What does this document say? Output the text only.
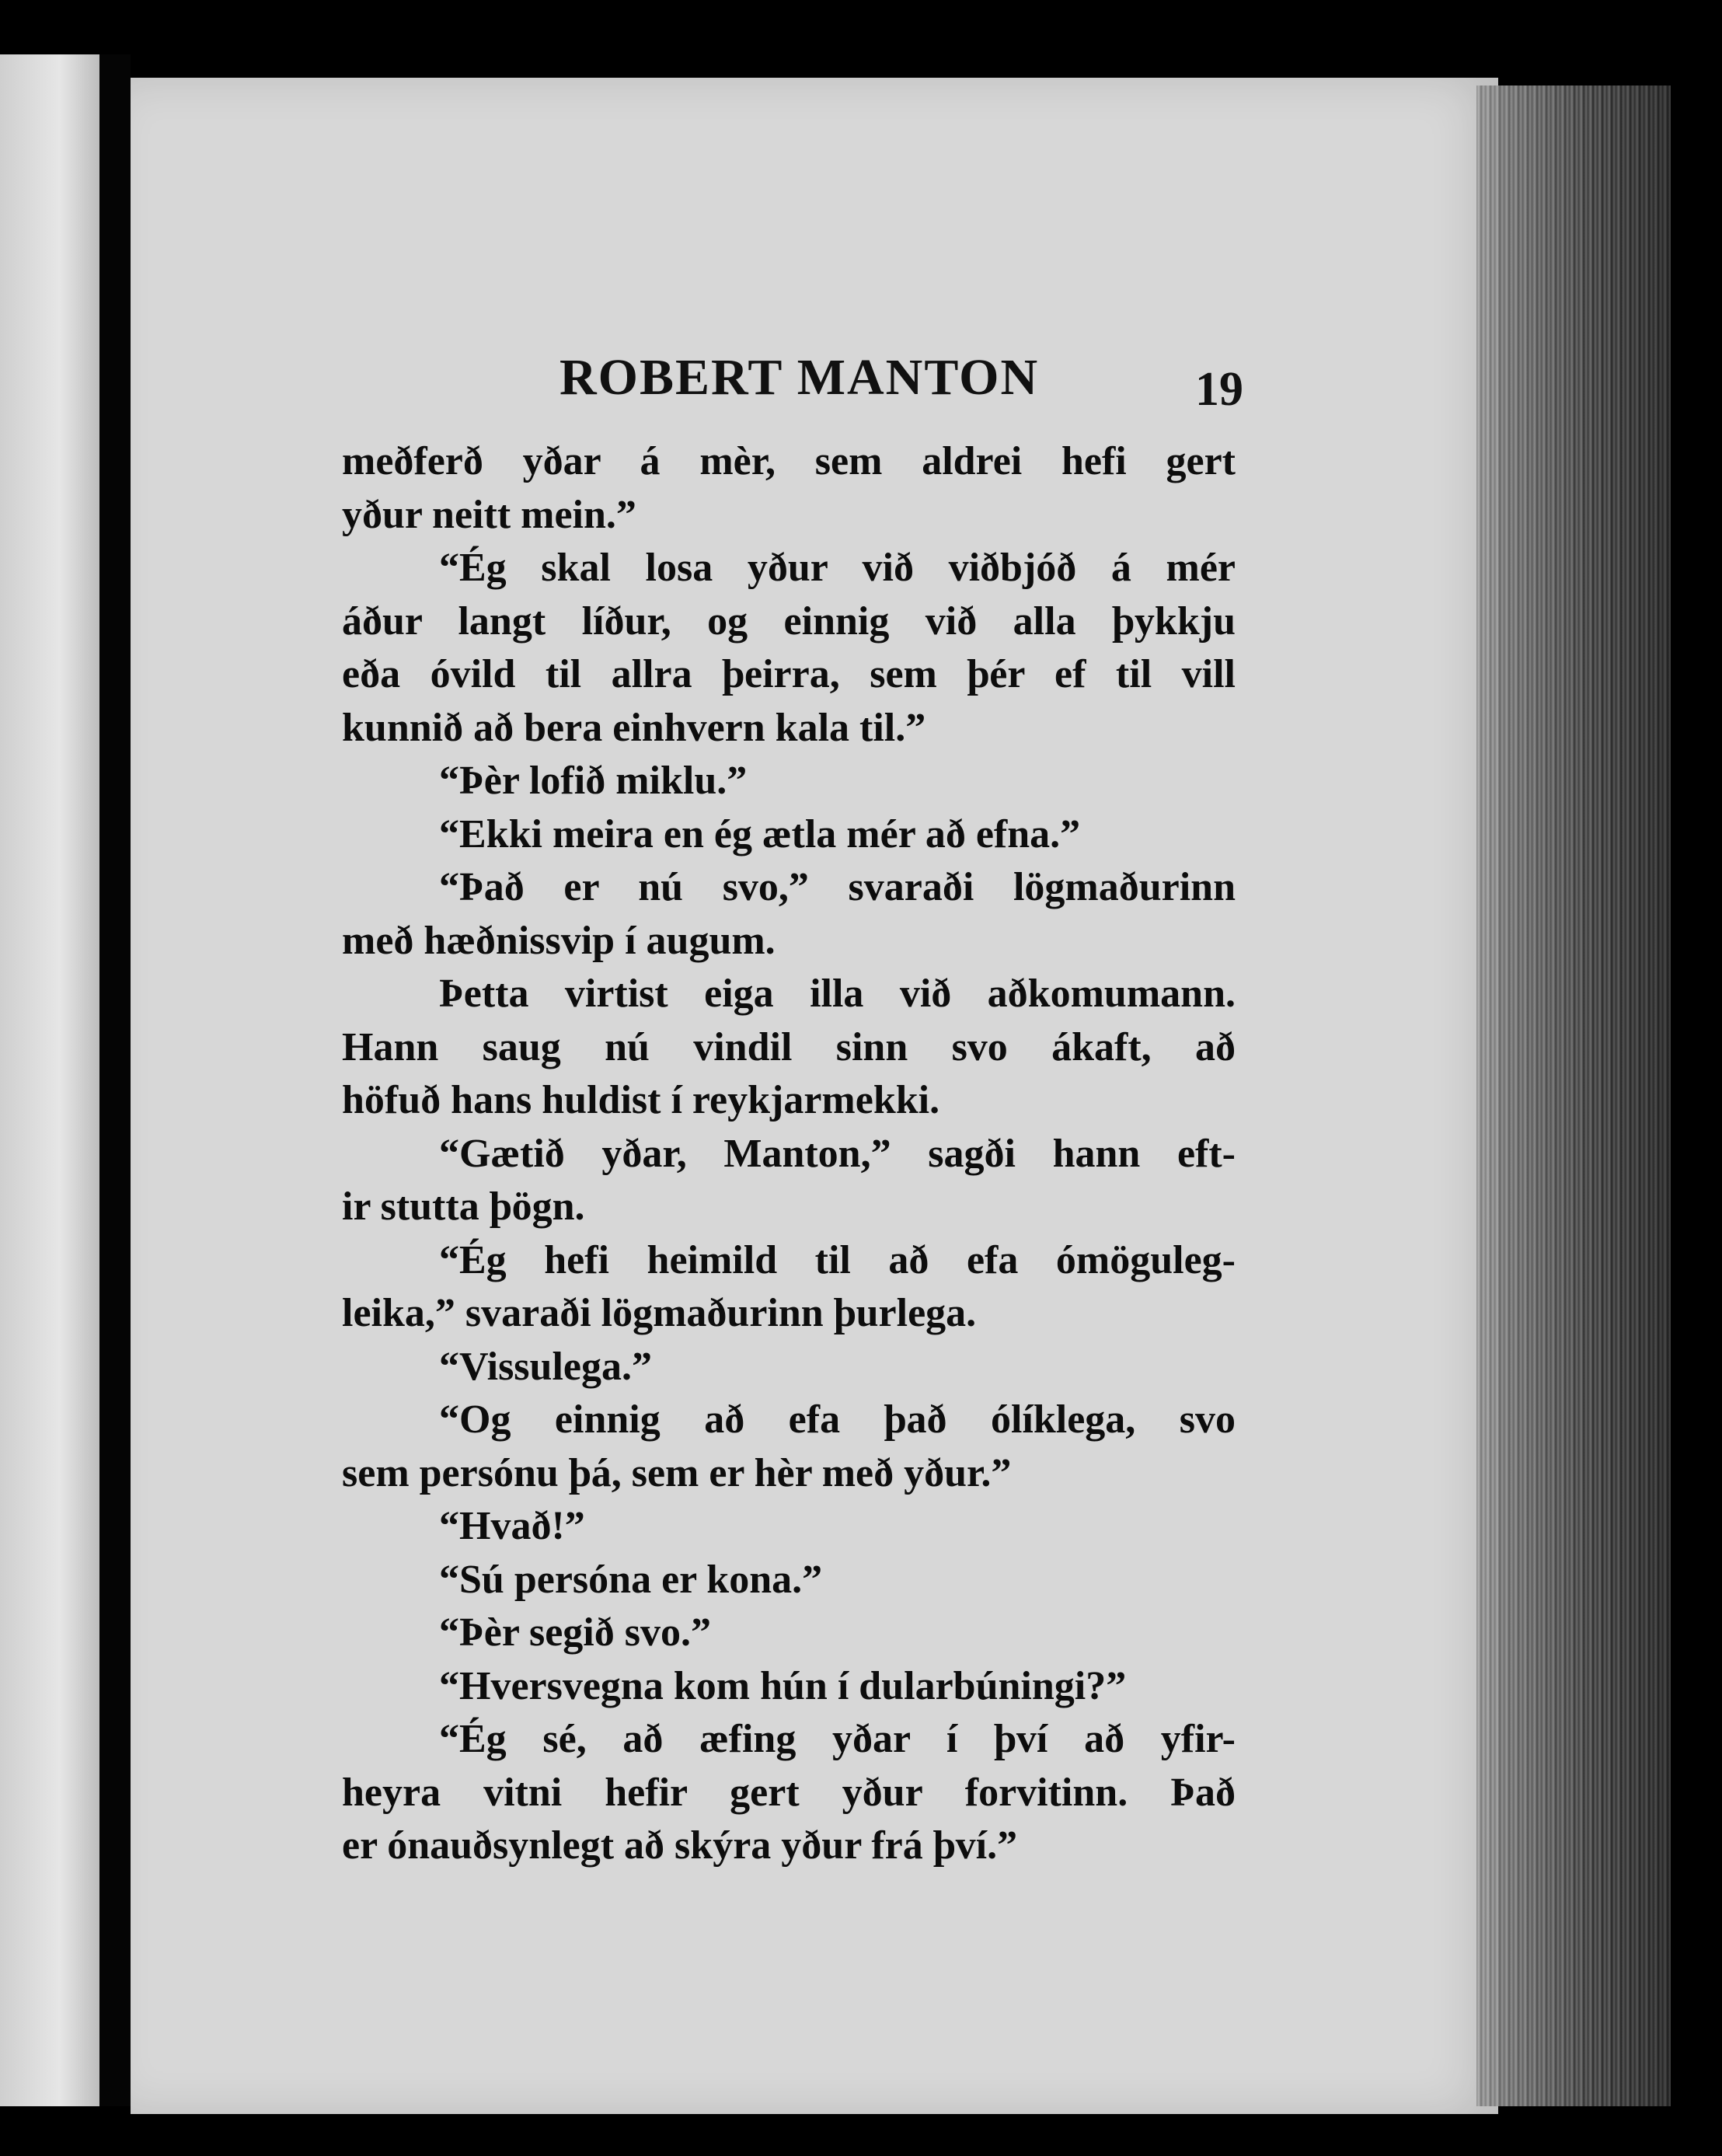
ROBERT MANTON	19
meðferð yðar á mèr, sem aldrei hefi gert
yður neitt mein.”
“Ég skal losa yður við viðbjóð á mér
áður langt líður, og einnig við alla þykkju
eða óvild til allra þeirra, sem þér ef til vill
kunnið að bera einhvern kala til.”
“Þèr lofið miklu.”
“Ekki meira en ég ætla mér að efna.”
“Það er nú svo,” svaraði lögmaðurinn
með hæðnissvip í augum.
Þetta virtist eiga illa við aðkomumann.
Hann saug nú vindil sinn svo ákaft, að
höfuð hans huldist í reykjarmekki.
“Gætið yðar, Manton,” sagði hann eft-
ir stutta þögn.
“Ég hefi heimild til að efa ómöguleg-
leika,” svaraði lögmaðurinn þurlega.
“Vissulega.”
“Og einnig að efa það ólíklega, svo
sem persónu þá, sem er hèr með yður.”
“Hvað!”
“Sú persóna er kona.”
“Þèr segið svo.”
“Hversvegna kom hún í dularbúningi?”
“Ég sé, að æfing yðar í því að yfir-
heyra vitni hefir gert yður forvitinn. Það
er ónauðsynlegt að skýra yður frá því.”
